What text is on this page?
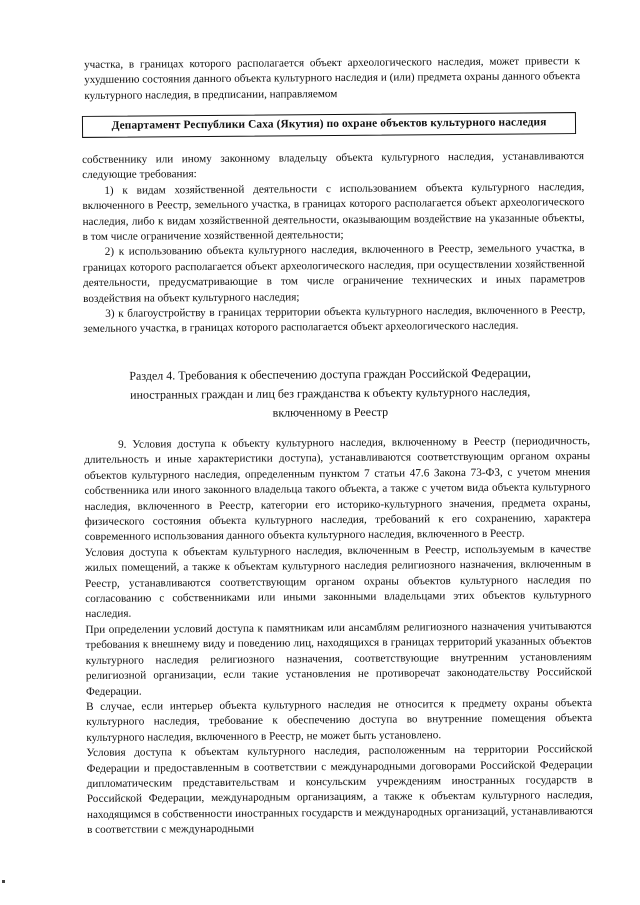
участка, в границах которого располагается объект археологического наследия, может привести к ухудшению состояния данного объекта культурного наследия и (или) предмета охраны данного объекта культурного наследия, в предписании, направляемом
Департамент Республики Саха (Якутия) по охране объектов культурного наследия

собственнику или иному законному владельцу объекта культурного наследия, устанавливаются следующие требования:

1) к видам хозяйственной деятельности с использованием объекта культурного наследия, включенного в Реестр, земельного участка, в границах которого располагается объект археологического наследия, либо к видам хозяйственной деятельности, оказывающим воздействие на указанные объекты, в том числе ограничение хозяйственной деятельности;

2) к использованию объекта культурного наследия, включенного в Реестр, земельного участка, в границах которого располагается объект археологического наследия, при осуществлении хозяйственной деятельности, предусматривающие в том числе ограничение технических и иных параметров воздействия на объект культурного наследия;

3) к благоустройству в границах территории объекта культурного наследия, включенного в Реестр, земельного участка, в границах которого располагается объект археологического наследия.

Раздел 4. Требования к обеспечению доступа граждан Российской Федерации,
иностранных граждан и лиц без гражданства к объекту культурного наследия,
включенному в Реестр

9. Условия доступа к объекту культурного наследия, включенному в Реестр (периодичность, длительность и иные характеристики доступа), устанавливаются соответствующим органом охраны объектов культурного наследия, определенным пунктом 7 статьи 47.6 Закона 73-ФЗ, с учетом мнения собственника или иного законного владельца такого объекта, а также с учетом вида объекта культурного наследия, включенного в Реестр, категории его историко-культурного значения, предмета охраны, физического состояния объекта культурного наследия, требований к его сохранению, характера современного использования данного объекта культурного наследия, включенного в Реестр.

Условия доступа к объектам культурного наследия, включенным в Реестр, используемым в качестве жилых помещений, а также к объектам культурного наследия религиозного назначения, включенным в Реестр, устанавливаются соответствующим органом охраны объектов культурного наследия по согласованию с собственниками или иными законными владельцами этих объектов культурного наследия.

При определении условий доступа к памятникам или ансамблям религиозного назначения учитываются требования к внешнему виду и поведению лиц, находящихся в границах территорий указанных объектов культурного наследия религиозного назначения, соответствующие внутренним установлениям религиозной организации, если такие установления не противоречат законодательству Российской Федерации.

В случае, если интерьер объекта культурного наследия не относится к предмету охраны объекта культурного наследия, требование к обеспечению доступа во внутренние помещения объекта культурного наследия, включенного в Реестр, не может быть установлено.

Условия доступа к объектам культурного наследия, расположенным на территории Российской Федерации и предоставленным в соответствии с международными договорами Российской Федерации дипломатическим представительствам и консульским учреждениям иностранных государств в Российской Федерации, международным организациям, а также к объектам культурного наследия, находящимся в собственности иностранных государств и международных организаций, устанавливаются в соответствии с международными
